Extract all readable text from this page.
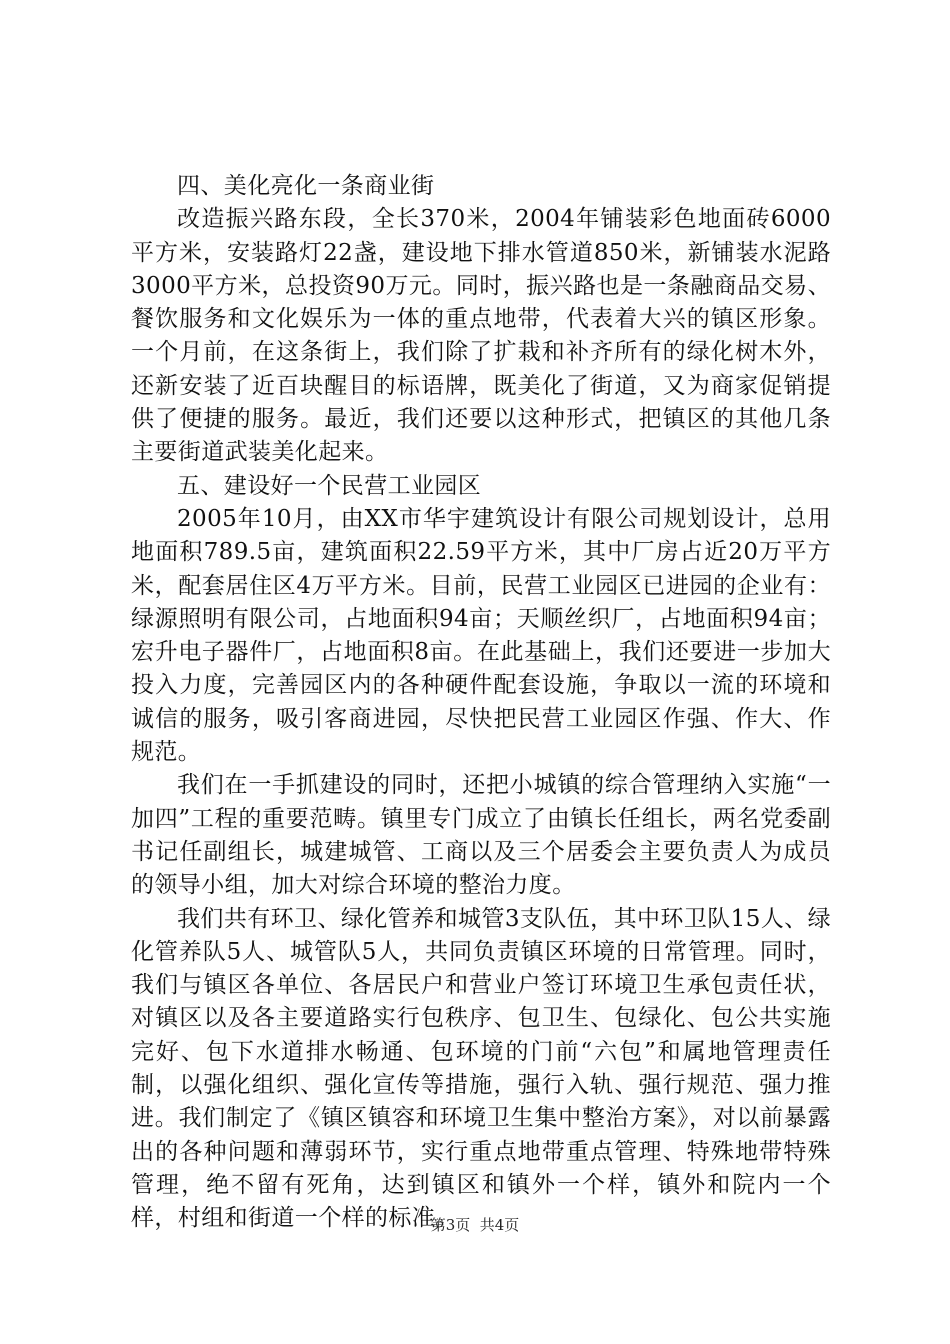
四、美化亮化一条商业街

改造振兴路东段，全长370米，2004年铺装彩色地面砖6000平方米，安装路灯22盏，建设地下排水管道850米，新铺装水泥路3000平方米，总投资90万元。同时，振兴路也是一条融商品交易、餐饮服务和文化娱乐为一体的重点地带，代表着大兴的镇区形象。一个月前，在这条街上，我们除了扩栽和补齐所有的绿化树木外，还新安装了近百块醒目的标语牌，既美化了街道，又为商家促销提供了便捷的服务。最近，我们还要以这种形式，把镇区的其他几条主要街道武装美化起来。

五、建设好一个民营工业园区

2005年10月，由XX市华宇建筑设计有限公司规划设计，总用地面积789.5亩，建筑面积22.59平方米，其中厂房占近20万平方米，配套居住区4万平方米。目前，民营工业园区已进园的企业有：绿源照明有限公司，占地面积94亩；天顺丝织厂，占地面积94亩；宏升电子器件厂，占地面积8亩。在此基础上，我们还要进一步加大投入力度，完善园区内的各种硬件配套设施，争取以一流的环境和诚信的服务，吸引客商进园，尽快把民营工业园区作强、作大、作规范。

我们在一手抓建设的同时，还把小城镇的综合管理纳入实施“一加四”工程的重要范畴。镇里专门成立了由镇长任组长，两名党委副书记任副组长，城建城管、工商以及三个居委会主要负责人为成员的领导小组，加大对综合环境的整治力度。

我们共有环卫、绿化管养和城管3支队伍，其中环卫队15人、绿化管养队5人、城管队5人，共同负责镇区环境的日常管理。同时，我们与镇区各单位、各居民户和营业户签订环境卫生承包责任状，对镇区以及各主要道路实行包秩序、包卫生、包绿化、包公共实施完好、包下水道排水畅通、包环境的门前“六包”和属地管理责任制，以强化组织、强化宣传等措施，强行入轨、强行规范、强力推进。我们制定了《镇区镇容和环境卫生集中整治方案》，对以前暴露出的各种问题和薄弱环节，实行重点地带重点管理、特殊地带特殊管理，绝不留有死角，达到镇区和镇外一个样，镇外和院内一个样，村组和街道一个样的标准。

第3页  共4页
